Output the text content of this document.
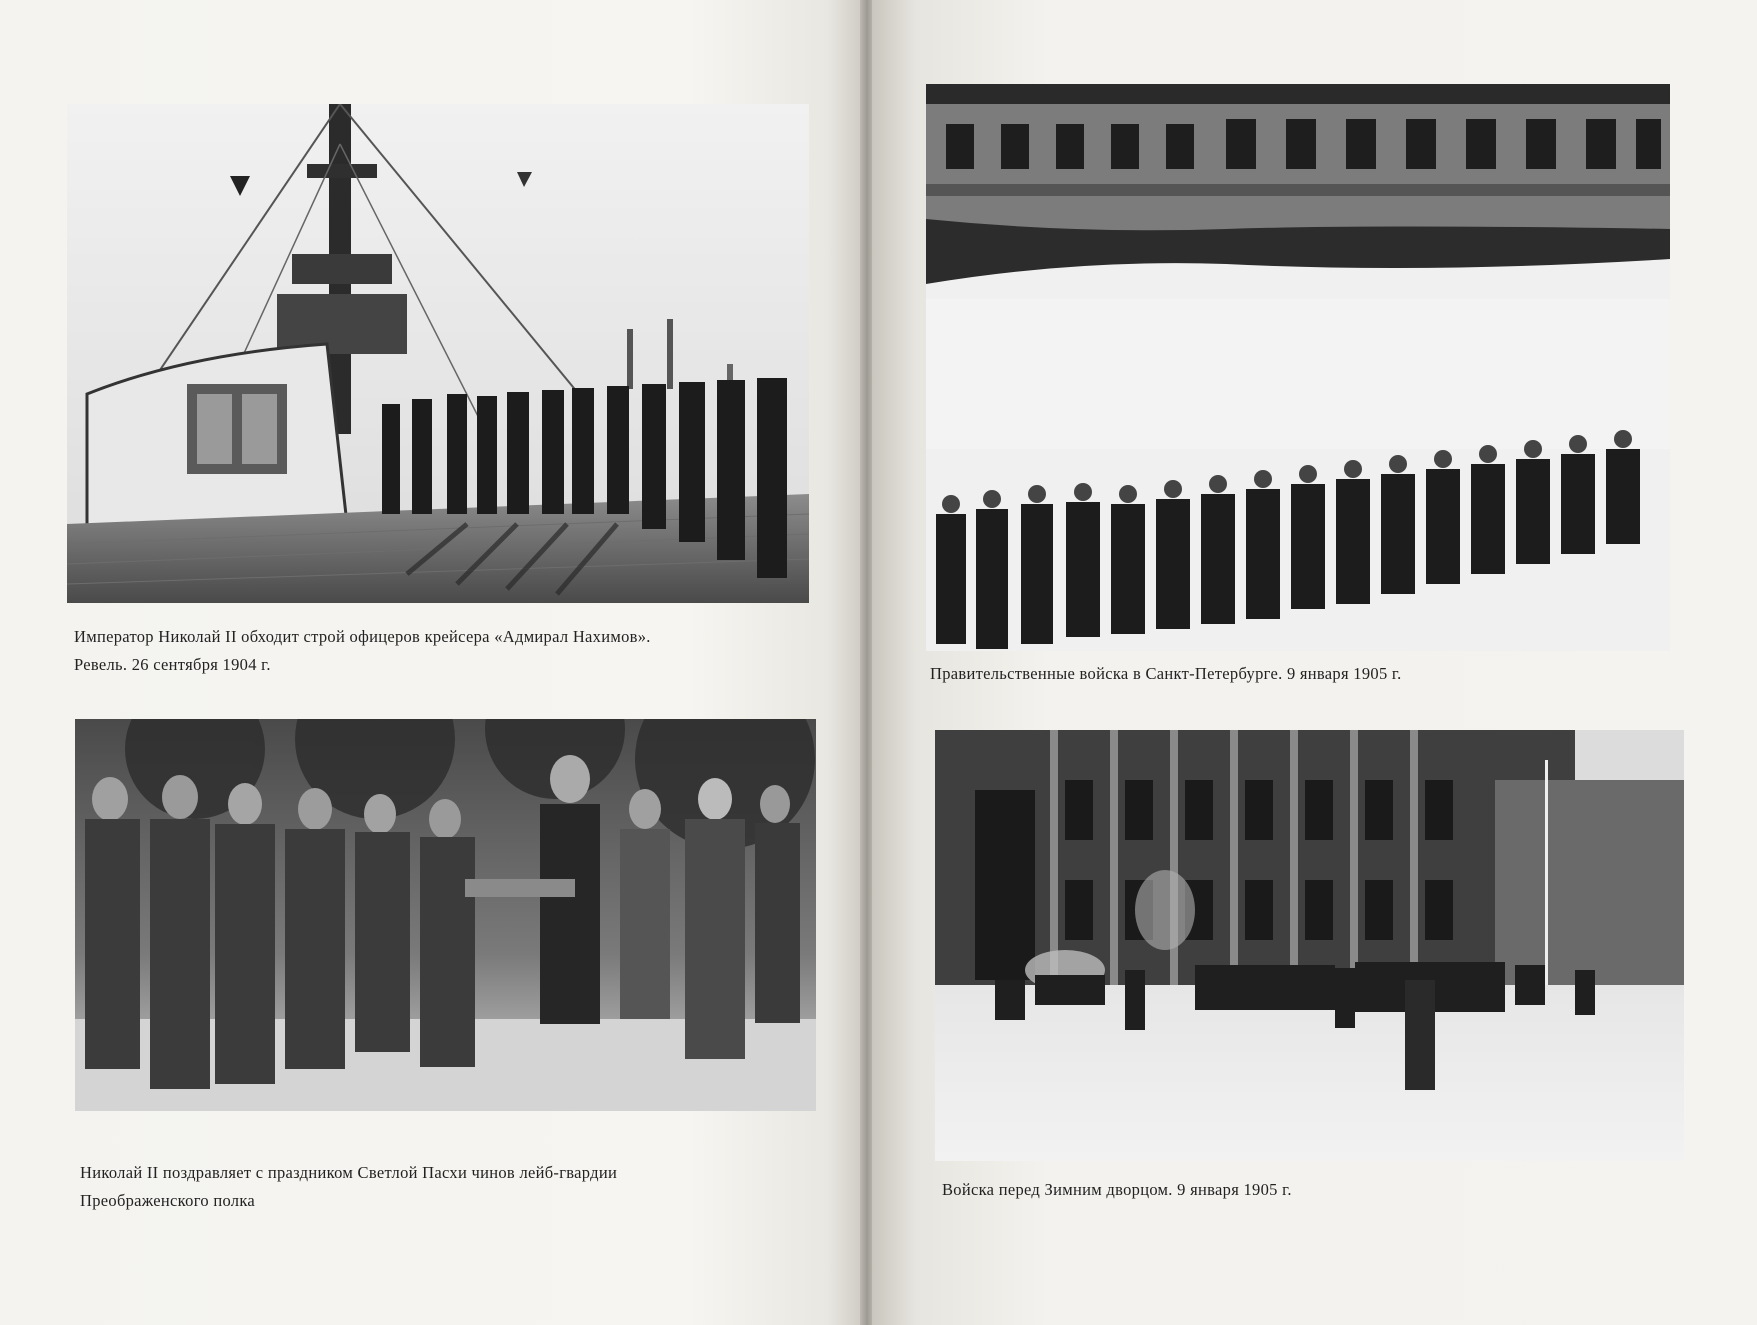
Император Николай II обходит строй офицеров крейсера «Адмирал Нахимов».
Ревель. 26 сентября 1904 г.
Николай II поздравляет с праздником Светлой Пасхи чинов лейб-гвардии
Преображенского полка
Правительственные войска в Санкт-Петербурге. 9 января 1905 г.
Войска перед Зимним дворцом. 9 января 1905 г.
